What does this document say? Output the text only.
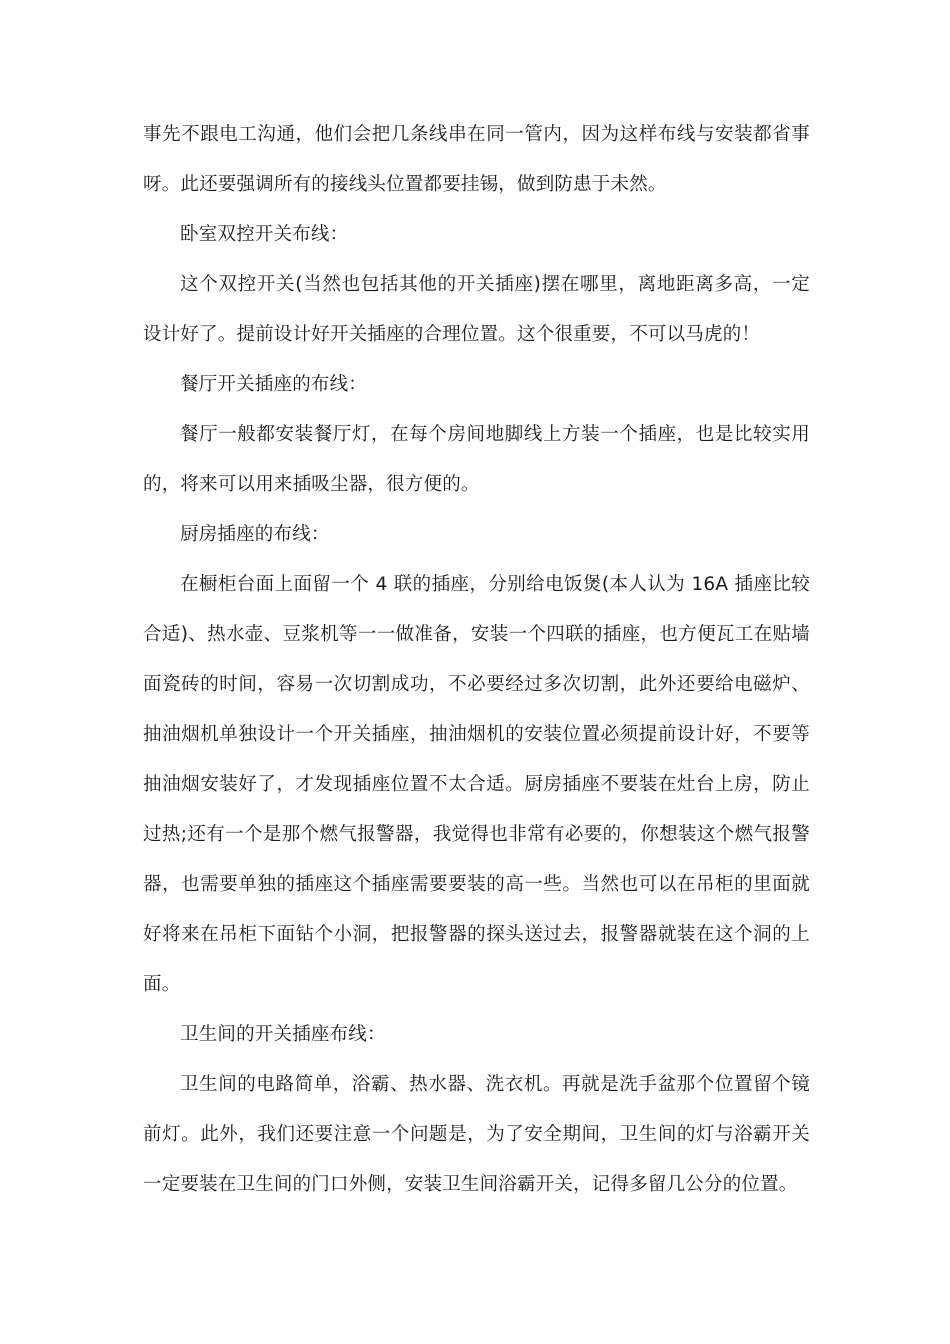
事先不跟电工沟通，他们会把几条线串在同一管内，因为这样布线与安装都省事呀。此还要强调所有的接线头位置都要挂锡，做到防患于未然。

卧室双控开关布线：

这个双控开关(当然也包括其他的开关插座)摆在哪里，离地距离多高，一定设计好了。提前设计好开关插座的合理位置。这个很重要，不可以马虎的！

餐厅开关插座的布线：

餐厅一般都安装餐厅灯，在每个房间地脚线上方装一个插座，也是比较实用的，将来可以用来插吸尘器，很方便的。

厨房插座的布线：

在橱柜台面上面留一个 4 联的插座，分别给电饭煲(本人认为 16A 插座比较合适)、热水壶、豆浆机等一一做准备，安装一个四联的插座，也方便瓦工在贴墙面瓷砖的时间，容易一次切割成功，不必要经过多次切割，此外还要给电磁炉、抽油烟机单独设计一个开关插座，抽油烟机的安装位置必须提前设计好，不要等抽油烟安装好了，才发现插座位置不太合适。厨房插座不要装在灶台上房，防止过热;还有一个是那个燃气报警器，我觉得也非常有必要的，你想装这个燃气报警器，也需要单独的插座这个插座需要要装的高一些。当然也可以在吊柜的里面就好将来在吊柜下面钻个小洞，把报警器的探头送过去，报警器就装在这个洞的上面。

卫生间的开关插座布线：

卫生间的电路简单，浴霸、热水器、洗衣机。再就是洗手盆那个位置留个镜前灯。此外，我们还要注意一个问题是，为了安全期间，卫生间的灯与浴霸开关一定要装在卫生间的门口外侧，安装卫生间浴霸开关，记得多留几公分的位置。
